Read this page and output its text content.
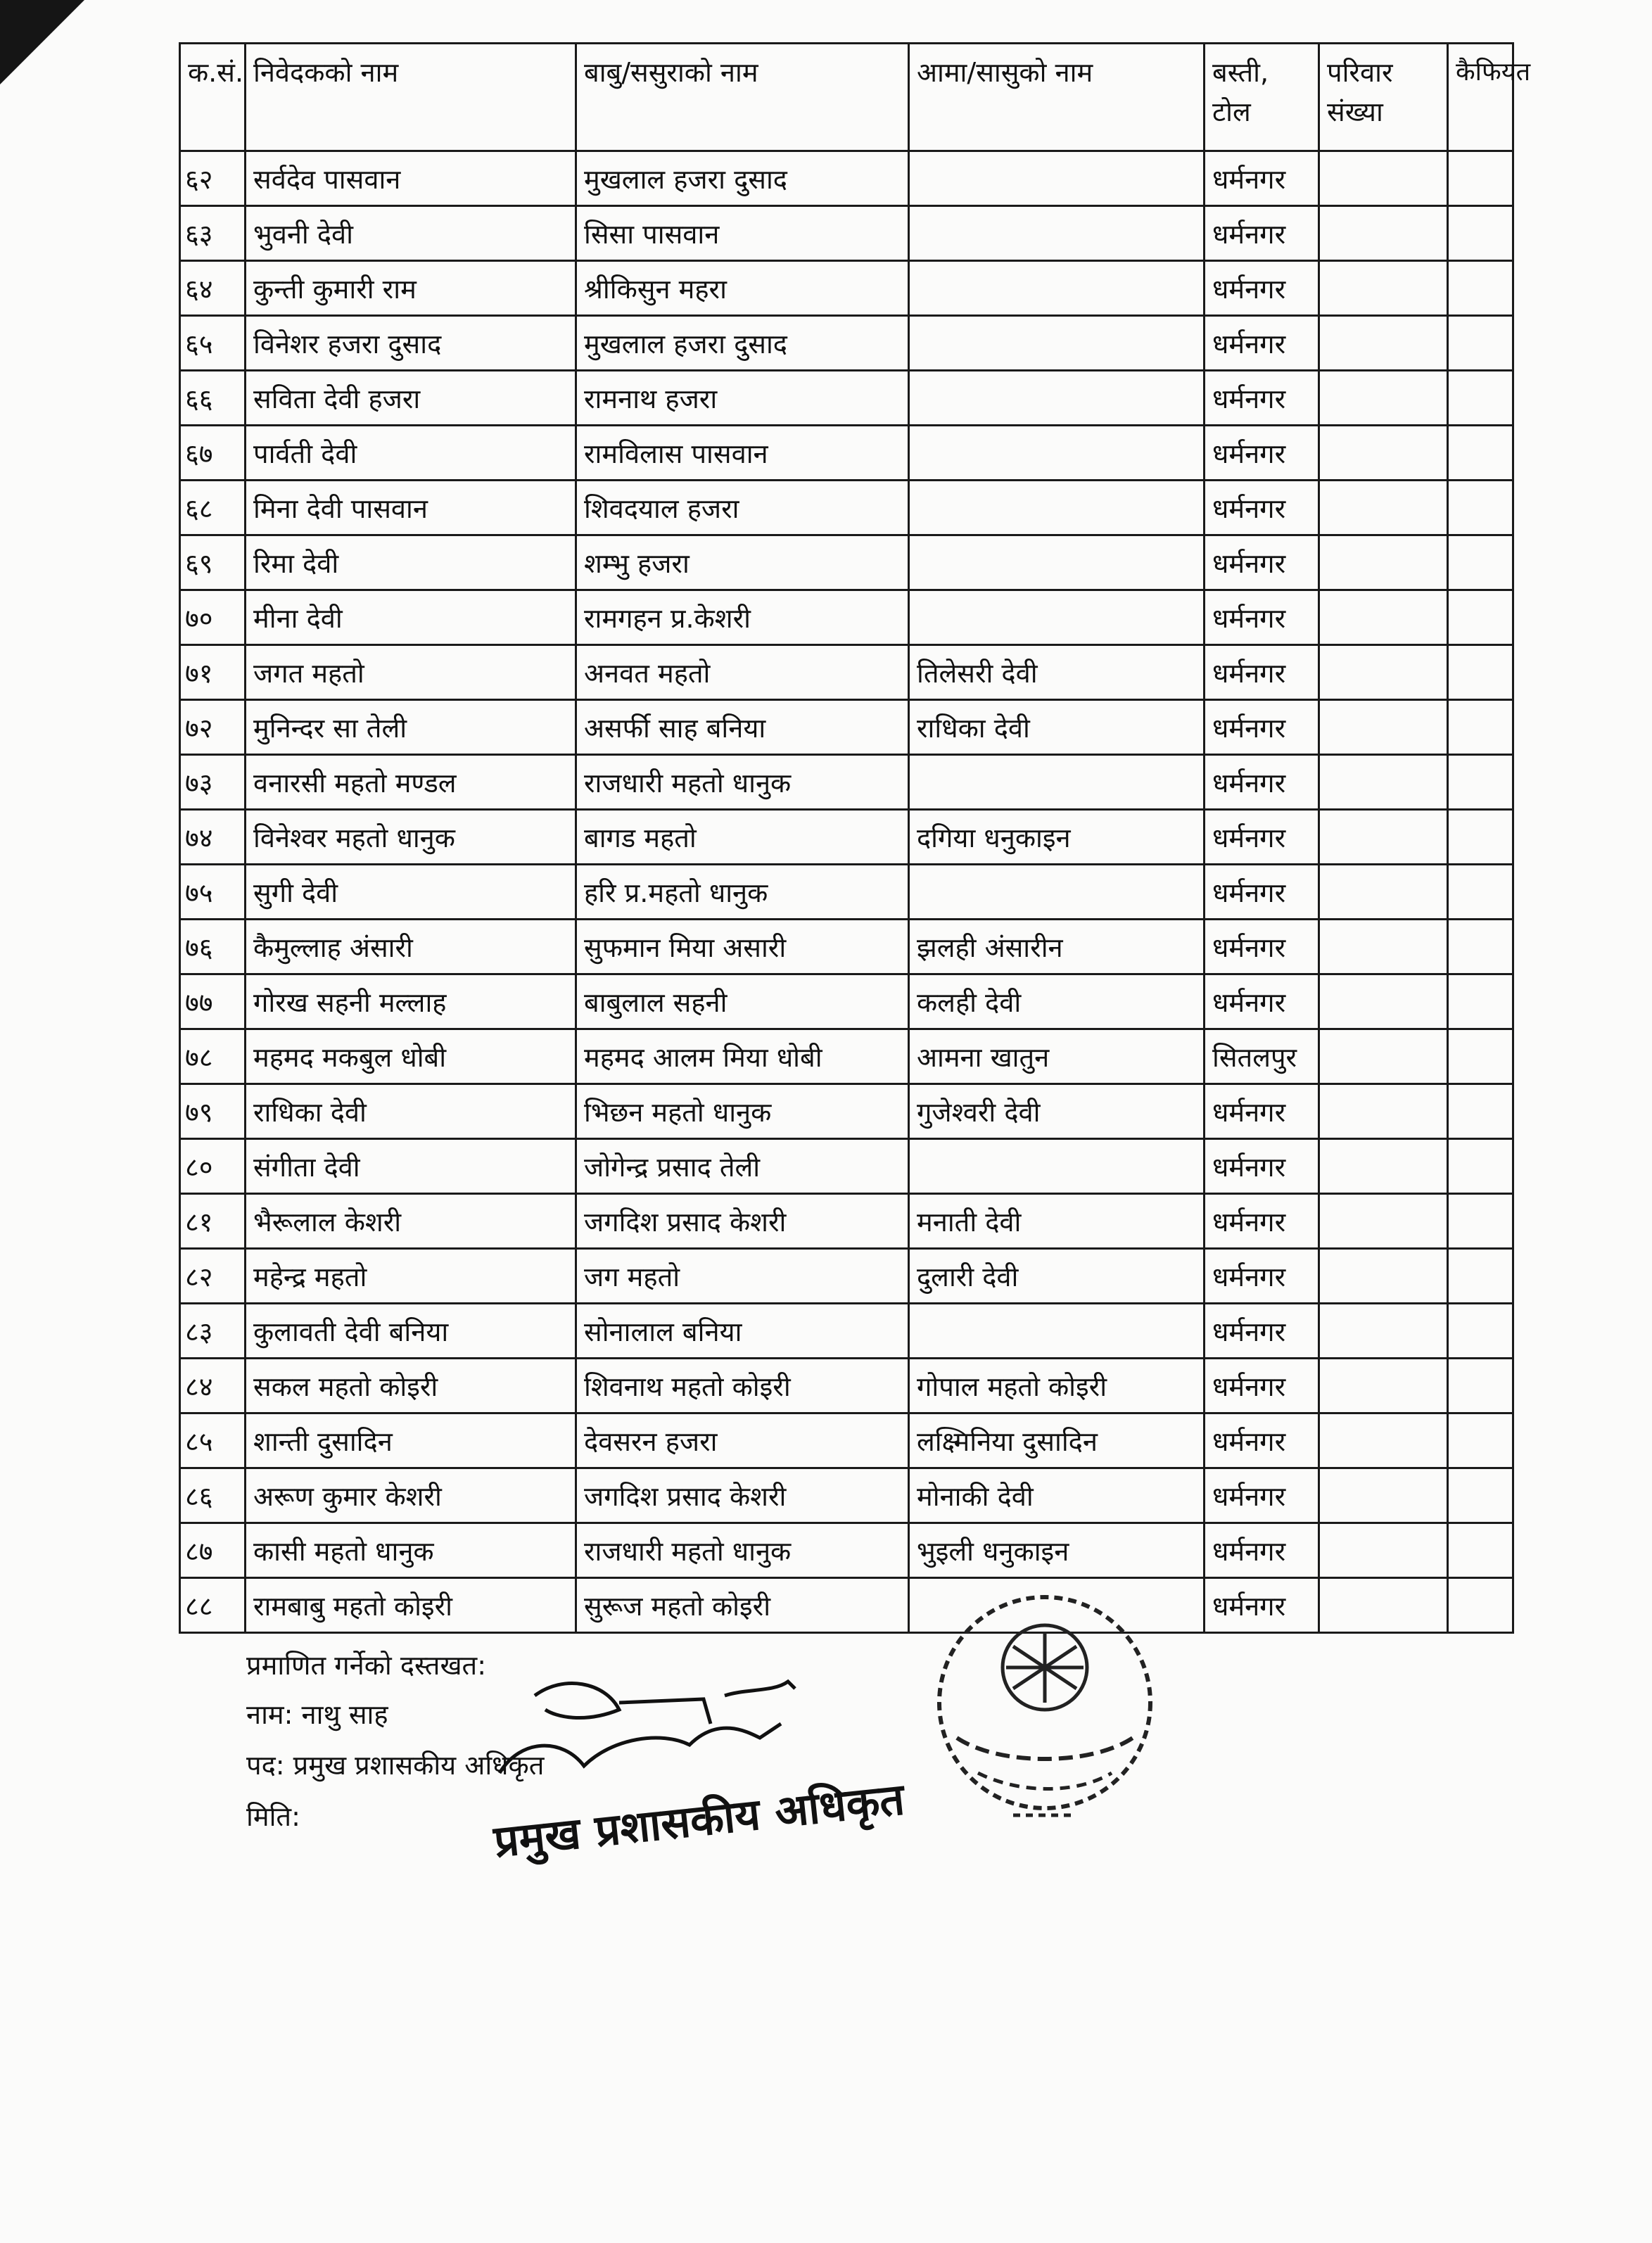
क.सं.	निवेदकको नाम	बाबु/ससुराको नाम	आमा/सासुको नाम	बस्ती, टोल	परिवार संख्या	कैफियत
६२	सर्वदेव पासवान	मुखलाल हजरा दुसाद		धर्मनगर		
६३	भुवनी देवी	सिसा पासवान		धर्मनगर		
६४	कुन्ती कुमारी राम	श्रीकिसुन महरा		धर्मनगर		
६५	विनेशर हजरा दुसाद	मुखलाल हजरा दुसाद		धर्मनगर		
६६	सविता देवी हजरा	रामनाथ हजरा		धर्मनगर		
६७	पार्वती देवी	रामविलास पासवान		धर्मनगर		
६८	मिना देवी पासवान	शिवदयाल हजरा		धर्मनगर		
६९	रिमा देवी	शम्भु हजरा		धर्मनगर		
७०	मीना देवी	रामगहन प्र.केशरी		धर्मनगर		
७१	जगत महतो	अनवत महतो	तिलेसरी देवी	धर्मनगर		
७२	मुनिन्दर सा तेली	असर्फी साह बनिया	राधिका देवी	धर्मनगर		
७३	वनारसी महतो मण्डल	राजधारी महतो धानुक		धर्मनगर		
७४	विनेश्वर महतो धानुक	बागड महतो	दगिया धनुकाइन	धर्मनगर		
७५	सुगी देवी	हरि प्र.महतो धानुक		धर्मनगर		
७६	कैमुल्लाह अंसारी	सुफमान मिया असारी	झलही अंसारीन	धर्मनगर		
७७	गोरख सहनी मल्लाह	बाबुलाल सहनी	कलही देवी	धर्मनगर		
७८	महमद मकबुल धोबी	महमद आलम मिया धोबी	आमना खातुन	सितलपुर		
७९	राधिका देवी	भिछन महतो धानुक	गुजेश्वरी देवी	धर्मनगर		
८०	संगीता देवी	जोगेन्द्र प्रसाद तेली		धर्मनगर		
८१	भैरूलाल केशरी	जगदिश प्रसाद केशरी	मनाती देवी	धर्मनगर		
८२	महेन्द्र महतो	जग महतो	दुलारी देवी	धर्मनगर		
८३	कुलावती देवी बनिया	सोनालाल बनिया		धर्मनगर		
८४	सकल महतो कोइरी	शिवनाथ महतो कोइरी	गोपाल महतो कोइरी	धर्मनगर		
८५	शान्ती दुसादिन	देवसरन हजरा	लक्ष्मिनिया दुसादिन	धर्मनगर		
८६	अरूण कुमार केशरी	जगदिश प्रसाद केशरी	मोनाकी देवी	धर्मनगर		
८७	कासी महतो धानुक	राजधारी महतो धानुक	भुइली धनुकाइन	धर्मनगर		
८८	रामबाबु महतो कोइरी	सुरूज महतो कोइरी		धर्मनगर		
प्रमाणित गर्नेको दस्तखत:
नाम: नाथु साह
पद: प्रमुख प्रशासकीय अधिकृत
मिति:	प्रमुख प्रशासकीय अधिकृत
